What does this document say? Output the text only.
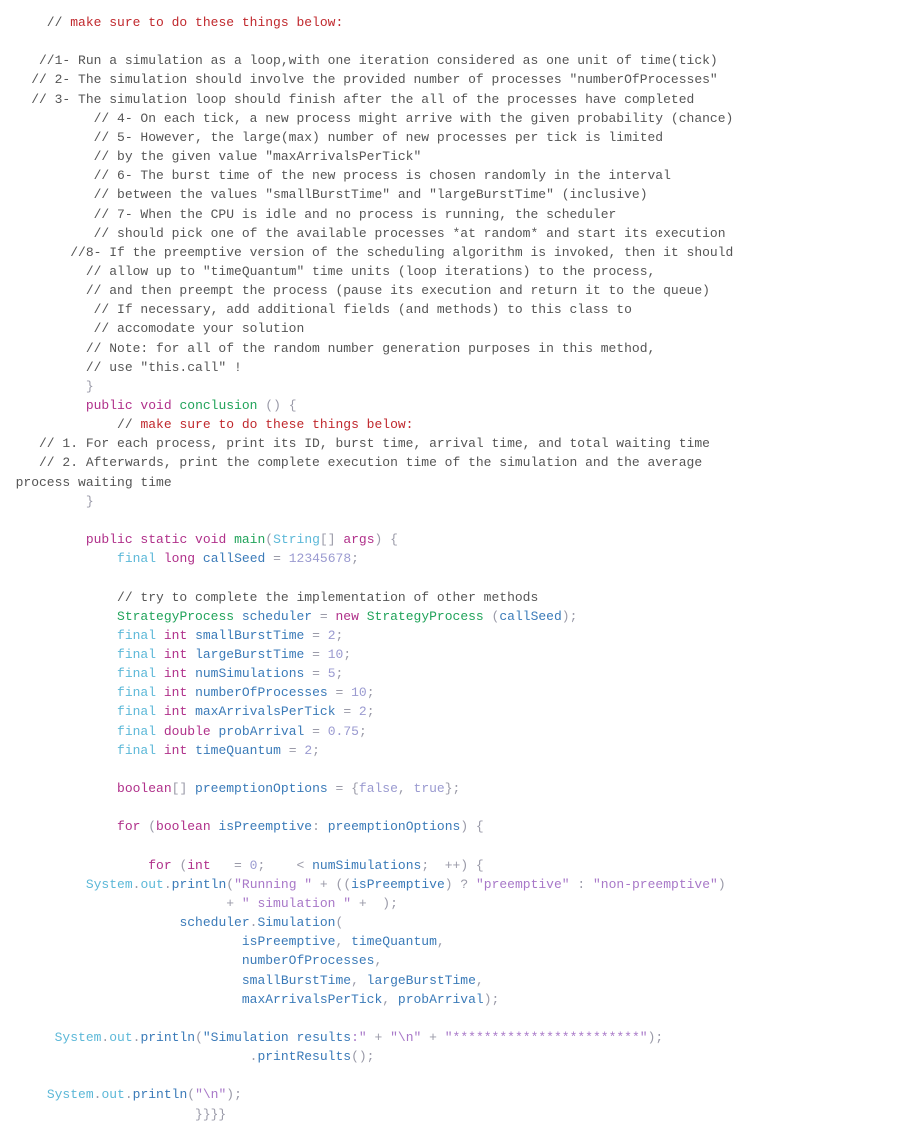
// make sure to do these things below:
//1- Run a simulation as a loop,with one iteration considered as one unit of time(tick)
// 2- The simulation should involve the provided number of processes "numberOfProcesses"
// 3- The simulation loop should finish after the all of the processes have completed
// 4- On each tick, a new process might arrive with the given probability (chance)
// 5- However, the large(max) number of new processes per tick is limited
// by the given value "maxArrivalsPerTick"
// 6- The burst time of the new process is chosen randomly in the interval
// between the values "smallBurstTime" and "largeBurstTime" (inclusive)
// 7- When the CPU is idle and no process is running, the scheduler
// should pick one of the available processes *at random* and start its execution
//8- If the preemptive version of the scheduling algorithm is invoked, then it should
// allow up to "timeQuantum" time units (loop iterations) to the process,
// and then preempt the process (pause its execution and return it to the queue)
// If necessary, add additional fields (and methods) to this class to
// accomodate your solution
// Note: for all of the random number generation purposes in this method,
// use "this.call" !
}
public void conclusion () {
// make sure to do these things below:
// 1. For each process, print its ID, burst time, arrival time, and total waiting time
// 2. Afterwards, print the complete execution time of the simulation and the average
process waiting time
}
public static void main(String[] args) {
final long callSeed = 12345678;
// try to complete the implementation of other methods
StrategyProcess scheduler = new StrategyProcess (callSeed);
final int smallBurstTime = 2;
final int largeBurstTime = 10;
final int numSimulations = 5;
final int numberOfProcesses = 10;
final int maxArrivalsPerTick = 2;
final double probArrival = 0.75;
final int timeQuantum = 2;
boolean[] preemptionOptions = {false, true};
for (boolean isPreemptive: preemptionOptions) {
for (int   = 0;    < numSimulations;  ++) {
System.out.println("Running " + ((isPreemptive) ? "preemptive" : "non-preemptive")
+ " simulation " +  );
scheduler.Simulation(
isPreemptive, timeQuantum,
numberOfProcesses,
smallBurstTime, largeBurstTime,
maxArrivalsPerTick, probArrival);
System.out.println("Simulation results:" + "\n" + "************************");
.printResults();
System.out.println("\n");
}}}}
